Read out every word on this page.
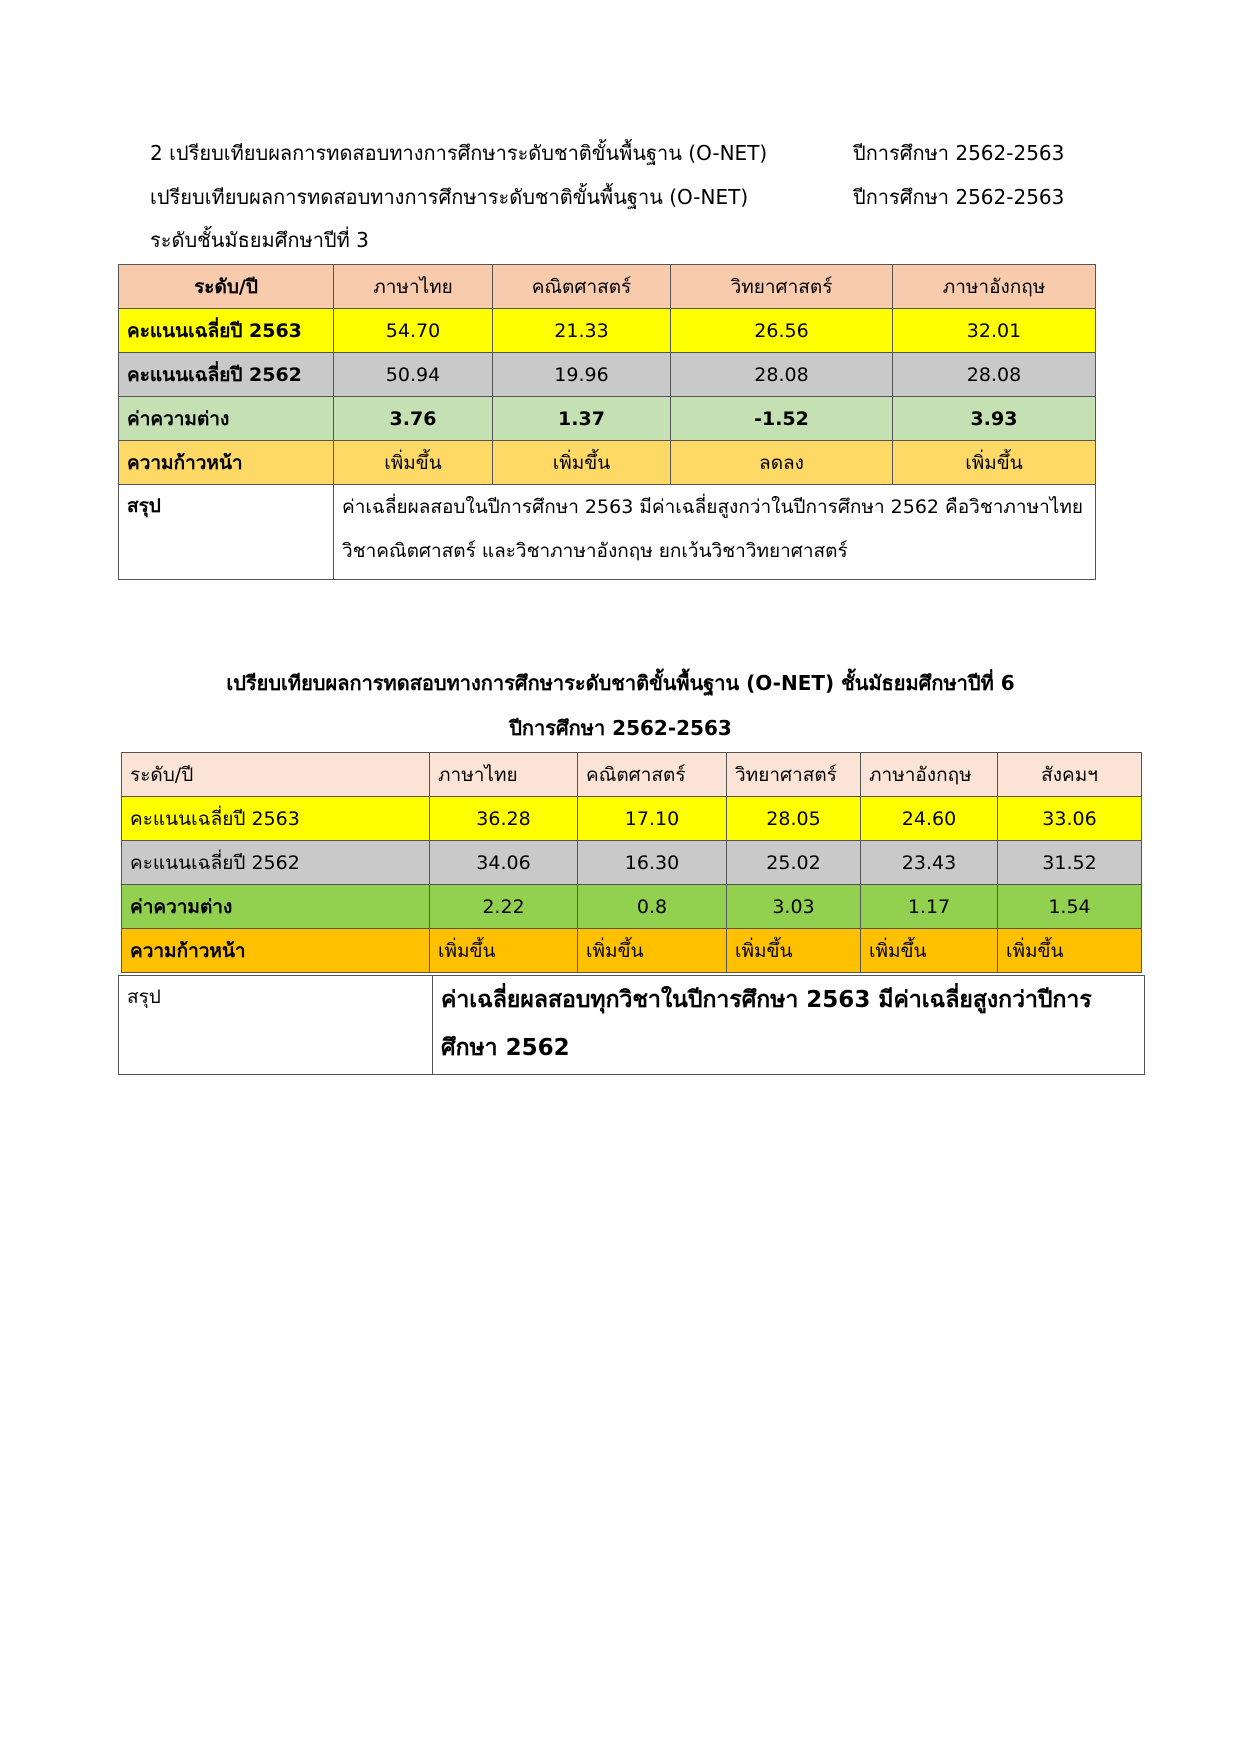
2 เปรียบเทียบผลการทดสอบทางการศึกษาระดับชาติขั้นพื้นฐาน (O-NET)	ปีการศึกษา 2562-2563
เปรียบเทียบผลการทดสอบทางการศึกษาระดับชาติขั้นพื้นฐาน (O-NET)	ปีการศึกษา 2562-2563
ระดับชั้นมัธยมศึกษาปีที่ 3
ระดับ/ปี	ภาษาไทย	คณิตศาสตร์	วิทยาศาสตร์	ภาษาอังกฤษ
คะแนนเฉลี่ยปี 2563	54.70	21.33	26.56	32.01
คะแนนเฉลี่ยปี 2562	50.94	19.96	28.08	28.08
ค่าความต่าง	3.76	1.37	-1.52	3.93
ความก้าวหน้า	เพิ่มขึ้น	เพิ่มขึ้น	ลดลง	เพิ่มขึ้น
สรุป	ค่าเฉลี่ยผลสอบในปีการศึกษา 2563 มีค่าเฉลี่ยสูงกว่าในปีการศึกษา 2562 คือวิชาภาษาไทย วิชาคณิตศาสตร์ และวิชาภาษาอังกฤษ ยกเว้นวิชาวิทยาศาสตร์			
เปรียบเทียบผลการทดสอบทางการศึกษาระดับชาติขั้นพื้นฐาน (O-NET) ชั้นมัธยมศึกษาปีที่ 6
ปีการศึกษา 2562-2563
ระดับ/ปี	ภาษาไทย	คณิตศาสตร์	วิทยาศาสตร์	ภาษาอังกฤษ	สังคมฯ
คะแนนเฉลี่ยปี 2563	36.28	17.10	28.05	24.60	33.06
คะแนนเฉลี่ยปี 2562	34.06	16.30	25.02	23.43	31.52
ค่าความต่าง	2.22	0.8	3.03	1.17	1.54
ความก้าวหน้า	เพิ่มขึ้น	เพิ่มขึ้น	เพิ่มขึ้น	เพิ่มขึ้น	เพิ่มขึ้น
สรุป	ค่าเฉลี่ยผลสอบทุกวิชาในปีการศึกษา 2563 มีค่าเฉลี่ยสูงกว่าปีการศึกษา 2562
